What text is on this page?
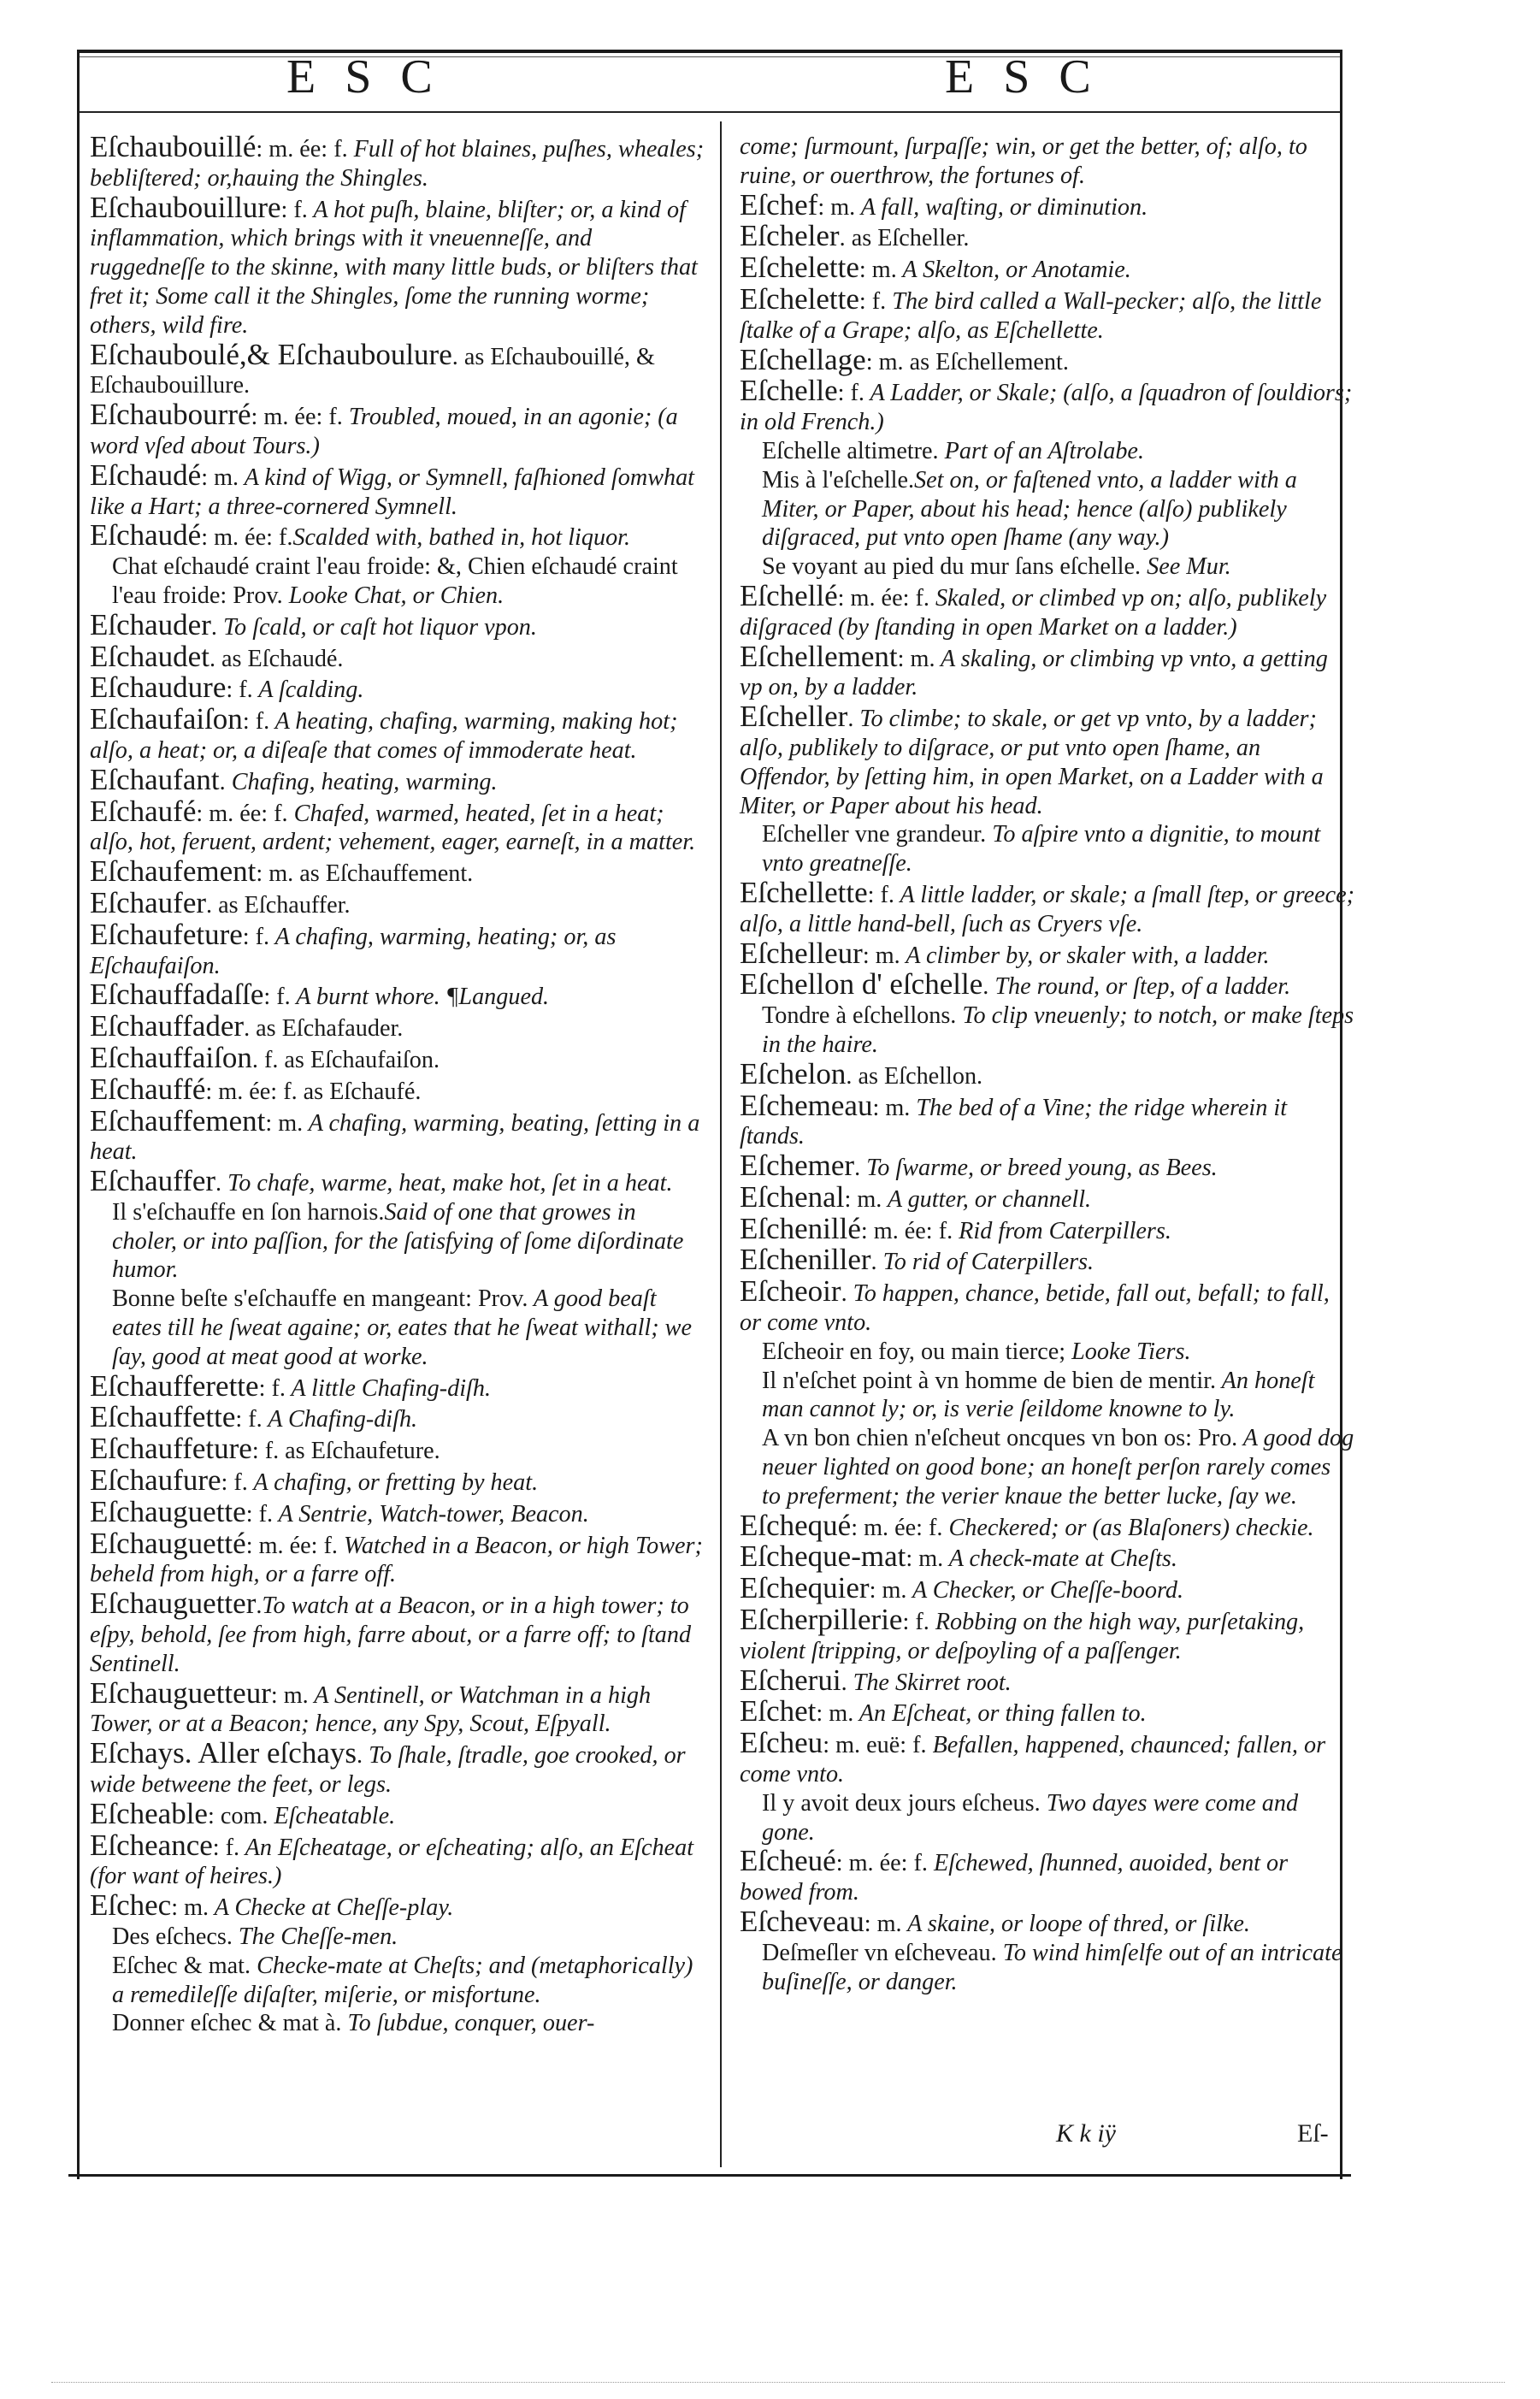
ESC	ESC

Eſchaubouillé: m. ée: f. Full of hot blaines, puſhes, wheales; bebliſtered; or,hauing the Shingles.

Eſchaubouillure: f. A hot puſh, blaine, bliſter; or, a kind of inflammation, which brings with it vneuenneſſe, and ruggedneſſe to the skinne, with many little buds, or bliſters that fret it; Some call it the Shingles, ſome the running worme; others, wild fire.

Eſchauboulé,& Eſchauboulure. as Eſchaubouillé, & Eſchaubouillure.

Eſchaubourré: m. ée: f. Troubled, moued, in an agonie; (a word vſed about Tours.)

Eſchaudé: m. A kind of Wigg, or Symnell, faſhioned ſomwhat like a Hart; a three-cornered Symnell.

Eſchaudé: m. ée: f.Scalded with, bathed in, hot liquor.

Chat eſchaudé craint l'eau froide: &, Chien eſchaudé craint l'eau froide: Prov. Looke Chat, or Chien.

Eſchauder. To ſcald, or caſt hot liquor vpon.

Eſchaudet. as Eſchaudé.

Eſchaudure: f. A ſcalding.

Eſchaufaiſon: f. A heating, chafing, warming, making hot; alſo, a heat; or, a diſeaſe that comes of immoderate heat.

Eſchaufant. Chafing, heating, warming.

Eſchaufé: m. ée: f. Chafed, warmed, heated, ſet in a heat; alſo, hot, feruent, ardent; vehement, eager, earneſt, in a matter.

Eſchaufement: m. as Eſchauffement.

Eſchaufer. as Eſchauffer.

Eſchaufeture: f. A chafing, warming, heating; or, as Eſchaufaiſon.

Eſchauffadaſſe: f. A burnt whore. ¶Langued.

Eſchauffader. as Eſchafauder.

Eſchauffaiſon. f. as Eſchaufaiſon.

Eſchauffé: m. ée: f. as Eſchaufé.

Eſchauffement: m. A chafing, warming, beating, ſetting in a heat.

Eſchauffer. To chafe, warme, heat, make hot, ſet in a heat.

Il s'eſchauffe en ſon harnois.Said of one that growes in choler, or into paſſion, for the ſatisfying of ſome diſordinate humor.

Bonne beſte s'eſchauffe en mangeant: Prov. A good beaſt eates till he ſweat againe; or, eates that he ſweat withall; we ſay, good at meat good at worke.

Eſchaufferette: f. A little Chafing-diſh.

Eſchauffette: f. A Chafing-diſh.

Eſchauffeture: f. as Eſchaufeture.

Eſchaufure: f. A chafing, or fretting by heat.

Eſchauguette: f. A Sentrie, Watch-tower, Beacon.

Eſchauguetté: m. ée: f. Watched in a Beacon, or high Tower; beheld from high, or a farre off.

Eſchauguetter.To watch at a Beacon, or in a high tower; to eſpy, behold, ſee from high, farre about, or a farre off; to ſtand Sentinell.

Eſchauguetteur: m. A Sentinell, or Watchman in a high Tower, or at a Beacon; hence, any Spy, Scout, Eſpyall.

Eſchays. Aller eſchays. To ſhale, ſtradle, goe crooked, or wide betweene the feet, or legs.

Eſcheable: com. Eſcheatable.

Eſcheance: f. An Eſcheatage, or eſcheating; alſo, an Eſcheat (for want of heires.)

Eſchec: m. A Checke at Cheſſe-play.

Des eſchecs. The Cheſſe-men.

Eſchec & mat. Checke-mate at Cheſts; and (metaphorically) a remedileſſe diſaſter, miſerie, or misfortune.

Donner eſchec & mat à. To ſubdue, conquer, ouer-

come; ſurmount, ſurpaſſe; win, or get the better, of; alſo, to ruine, or ouerthrow, the fortunes of.

Eſchef: m. A fall, waſting, or diminution.

Eſcheler. as Eſcheller.

Eſchelette: m. A Skelton, or Anotamie.

Eſchelette: f. The bird called a Wall-pecker; alſo, the little ſtalke of a Grape; alſo, as Eſchellette.

Eſchellage: m. as Eſchellement.

Eſchelle: f. A Ladder, or Skale; (alſo, a ſquadron of ſouldiors; in old French.)

Eſchelle altimetre. Part of an Aſtrolabe.

Mis à l'eſchelle.Set on, or faſtened vnto, a ladder with a Miter, or Paper, about his head; hence (alſo) publikely diſgraced, put vnto open ſhame (any way.)

Se voyant au pied du mur ſans eſchelle. See Mur.

Eſchellé: m. ée: f. Skaled, or climbed vp on; alſo, publikely diſgraced (by ſtanding in open Market on a ladder.)

Eſchellement: m. A skaling, or climbing vp vnto, a getting vp on, by a ladder.

Eſcheller. To climbe; to skale, or get vp vnto, by a ladder; alſo, publikely to diſgrace, or put vnto open ſhame, an Offendor, by ſetting him, in open Market, on a Ladder with a Miter, or Paper about his head.

Eſcheller vne grandeur. To aſpire vnto a dignitie, to mount vnto greatneſſe.

Eſchellette: f. A little ladder, or skale; a ſmall ſtep, or greece; alſo, a little hand-bell, ſuch as Cryers vſe.

Eſchelleur: m. A climber by, or skaler with, a ladder.

Eſchellon d' eſchelle. The round, or ſtep, of a ladder.

Tondre à eſchellons. To clip vneuenly; to notch, or make ſteps in the haire.

Eſchelon. as Eſchellon.

Eſchemeau: m. The bed of a Vine; the ridge wherein it ſtands.

Eſchemer. To ſwarme, or breed young, as Bees.

Eſchenal: m. A gutter, or channell.

Eſchenillé: m. ée: f. Rid from Caterpillers.

Eſcheniller. To rid of Caterpillers.

Eſcheoir. To happen, chance, betide, fall out, befall; to fall, or come vnto.

Eſcheoir en foy, ou main tierce; Looke Tiers.

Il n'eſchet point à vn homme de bien de mentir. An honeſt man cannot ly; or, is verie ſeildome knowne to ly.

A vn bon chien n'eſcheut oncques vn bon os: Pro. A good dog neuer lighted on good bone; an honeſt perſon rarely comes to preferment; the verier knaue the better lucke, ſay we.

Eſchequé: m. ée: f. Checkered; or (as Blaſoners) checkie.

Eſcheque-mat: m. A check-mate at Cheſts.

Eſchequier: m. A Checker, or Cheſſe-boord.

Eſcherpillerie: f. Robbing on the high way, purſetaking, violent ſtripping, or deſpoyling of a paſſenger.

Eſcherui. The Skirret root.

Eſchet: m. An Eſcheat, or thing fallen to.

Eſcheu: m. euë: f. Befallen, happened, chaunced; fallen, or come vnto.

Il y avoit deux jours eſcheus. Two dayes were come and gone.

Eſcheué: m. ée: f. Eſchewed, ſhunned, auoided, bent or bowed from.

Eſcheveau: m. A skaine, or loope of thred, or ſilke.

Deſmeſler vn eſcheveau. To wind himſelfe out of an intricate buſineſſe, or danger.

K k iÿ	Eſ-
